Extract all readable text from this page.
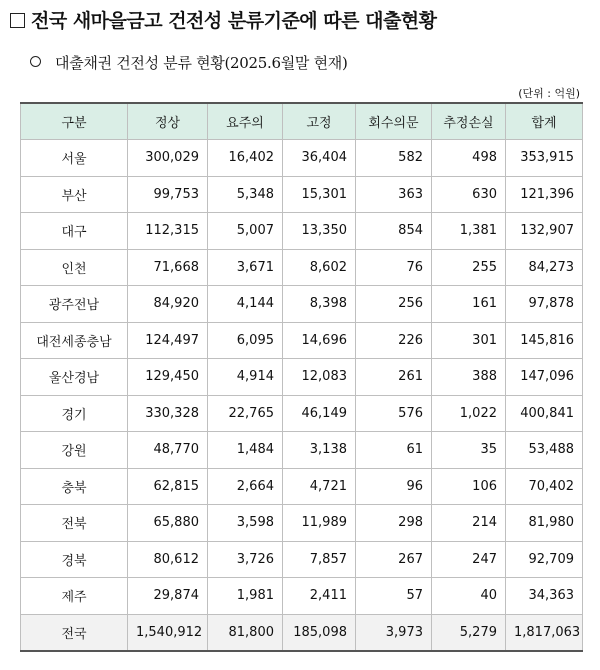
전국 새마을금고 건전성 분류기준에 따른 대출현황
대출채권 건전성 분류 현황(2025.6월말 현재)
(단위 : 억원)
구분	정상	요주의	고정	회수의문	추정손실	합계
서울	300,029	16,402	36,404	582	498	353,915
부산	99,753	5,348	15,301	363	630	121,396
대구	112,315	5,007	13,350	854	1,381	132,907
인천	71,668	3,671	8,602	76	255	84,273
광주전남	84,920	4,144	8,398	256	161	97,878
대전세종충남	124,497	6,095	14,696	226	301	145,816
울산경남	129,450	4,914	12,083	261	388	147,096
경기	330,328	22,765	46,149	576	1,022	400,841
강원	48,770	1,484	3,138	61	35	53,488
충북	62,815	2,664	4,721	96	106	70,402
전북	65,880	3,598	11,989	298	214	81,980
경북	80,612	3,726	7,857	267	247	92,709
제주	29,874	1,981	2,411	57	40	34,363
전국	1,540,912	81,800	185,098	3,973	5,279	1,817,063
